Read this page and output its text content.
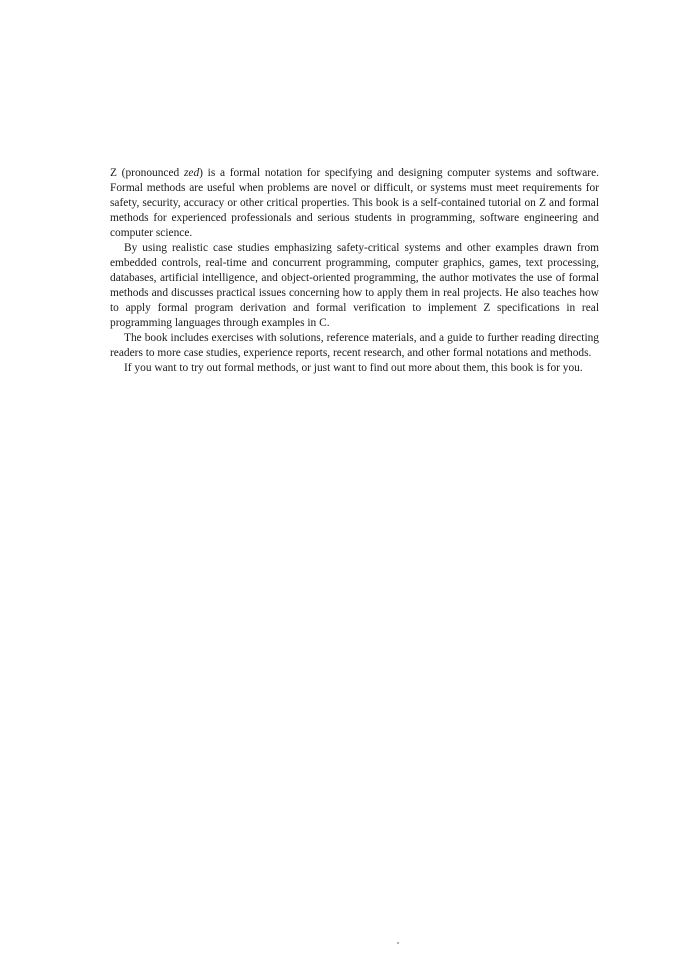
Z (pronounced zed) is a formal notation for specifying and designing computer systems and software. Formal methods are useful when problems are novel or difficult, or systems must meet requirements for safety, security, accuracy or other critical properties. This book is a self-contained tutorial on Z and formal methods for experienced professionals and serious students in programming, software engineering and computer science.

By using realistic case studies emphasizing safety-critical systems and other examples drawn from embedded controls, real-time and concurrent programming, computer graphics, games, text processing, databases, artificial intelligence, and object-oriented programming, the author motivates the use of formal methods and discusses practical issues concerning how to apply them in real projects. He also teaches how to apply formal program derivation and formal verification to implement Z specifications in real programming languages through examples in C.

The book includes exercises with solutions, reference materials, and a guide to further reading directing readers to more case studies, experience reports, recent research, and other formal notations and methods.

If you want to try out formal methods, or just want to find out more about them, this book is for you.
